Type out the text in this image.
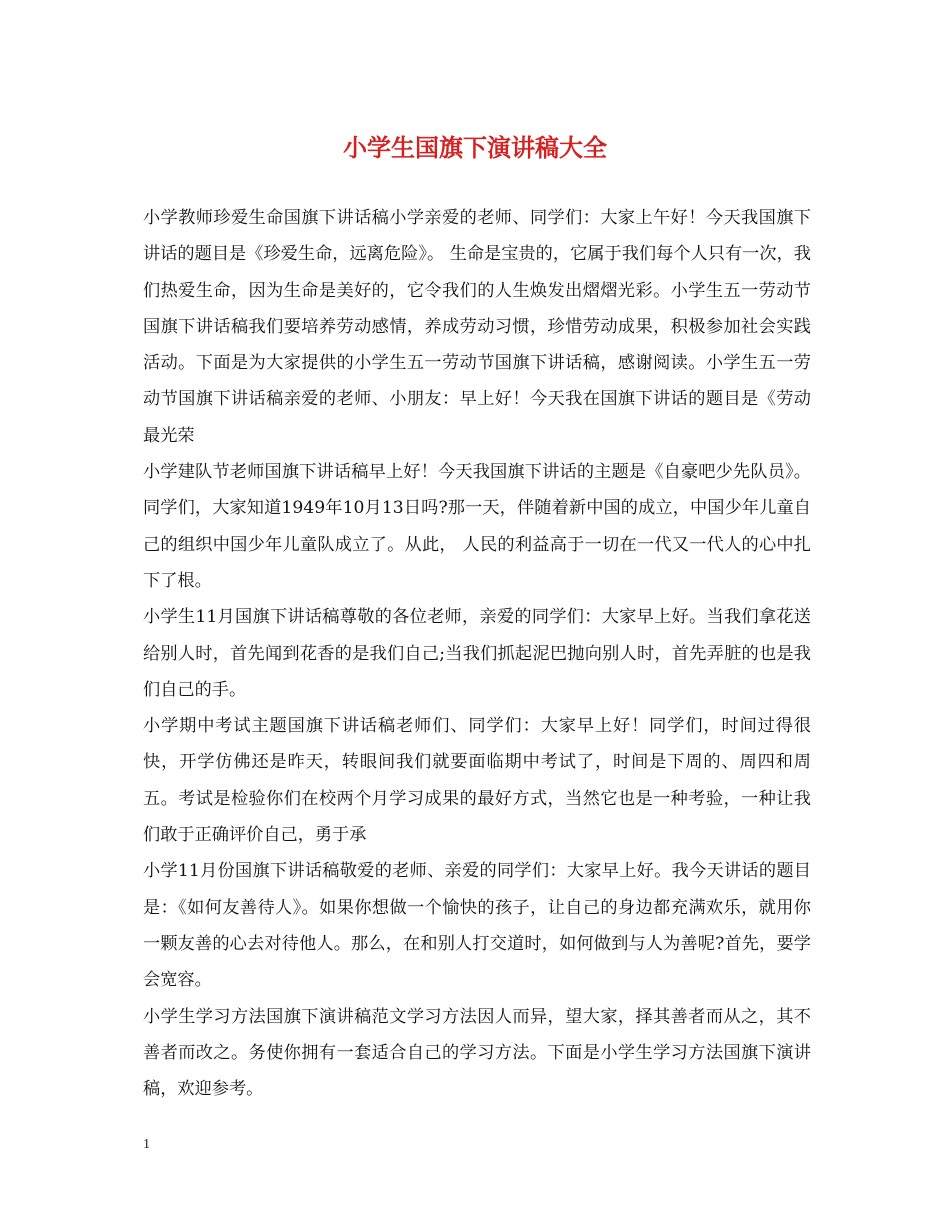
小学生国旗下演讲稿大全

小学教师珍爱生命国旗下讲话稿小学亲爱的老师、同学们：大家上午好！今天我国旗下讲话的题目是《珍爱生命，远离危险》。 生命是宝贵的，它属于我们每个人只有一次，我们热爱生命，因为生命是美好的，它令我们的人生焕发出熠熠光彩。小学生五一劳动节国旗下讲话稿我们要培养劳动感情，养成劳动习惯，珍惜劳动成果，积极参加社会实践活动。下面是为大家提供的小学生五一劳动节国旗下讲话稿，感谢阅读。小学生五一劳动节国旗下讲话稿亲爱的老师、小朋友：早上好！今天我在国旗下讲话的题目是《劳动最光荣

小学建队节老师国旗下讲话稿早上好！今天我国旗下讲话的主题是《自豪吧少先队员》。同学们，大家知道1949年10月13日吗?那一天，伴随着新中国的成立，中国少年儿童自己的组织中国少年儿童队成立了。从此， 人民的利益高于一切在一代又一代人的心中扎下了根。

小学生11月国旗下讲话稿尊敬的各位老师，亲爱的同学们：大家早上好。当我们拿花送给别人时，首先闻到花香的是我们自己;当我们抓起泥巴抛向别人时，首先弄脏的也是我们自己的手。

小学期中考试主题国旗下讲话稿老师们、同学们：大家早上好！同学们，时间过得很快，开学仿佛还是昨天，转眼间我们就要面临期中考试了，时间是下周的、周四和周五。考试是检验你们在校两个月学习成果的最好方式，当然它也是一种考验，一种让我们敢于正确评价自己，勇于承

小学11月份国旗下讲话稿敬爱的老师、亲爱的同学们：大家早上好。我今天讲话的题目是：《如何友善待人》。如果你想做一个愉快的孩子，让自己的身边都充满欢乐，就用你一颗友善的心去对待他人。那么，在和别人打交道时，如何做到与人为善呢?首先，要学会宽容。

小学生学习方法国旗下演讲稿范文学习方法因人而异，望大家，择其善者而从之，其不善者而改之。务使你拥有一套适合自己的学习方法。下面是小学生学习方法国旗下演讲稿，欢迎参考。

1
